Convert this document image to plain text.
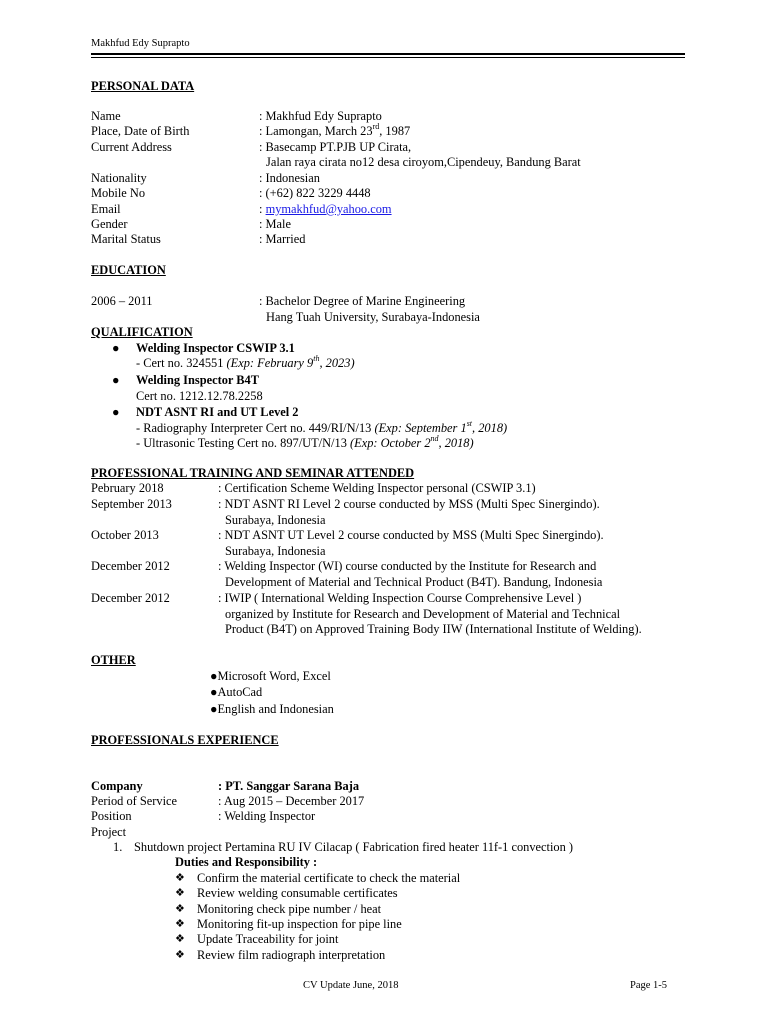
Makhfud Edy Suprapto
PERSONAL DATA
Name	: Makhfud Edy Suprapto
Place, Date of Birth	: Lamongan, March 23rd, 1987
Current Address	: Basecamp PT.PJB UP Cirata,
Jalan raya cirata no12 desa ciroyom,Cipendeuy, Bandung Barat
Nationality	: Indonesian
Mobile No	: (+62) 822 3229 4448
Email	: mymakhfud@yahoo.com
Gender	: Male
Marital Status	: Married
EDUCATION
2006 – 2011	: Bachelor Degree of Marine Engineering
Hang Tuah University, Surabaya-Indonesia
QUALIFICATION
● Welding Inspector CSWIP 3.1
- Cert no. 324551 (Exp: February 9th, 2023)
● Welding Inspector B4T
Cert no. 1212.12.78.2258
● NDT ASNT RI and UT Level 2
- Radiography Interpreter Cert no. 449/RI/N/13 (Exp: September 1st, 2018)
- Ultrasonic Testing Cert no. 897/UT/N/13 (Exp: October 2nd, 2018)
PROFESSIONAL TRAINING AND SEMINAR ATTENDED
Pebruary 2018	: Certification Scheme Welding Inspector personal (CSWIP 3.1)
September 2013	: NDT ASNT RI Level 2 course conducted by MSS (Multi Spec Sinergindo).
Surabaya, Indonesia
October 2013	: NDT ASNT UT Level 2 course conducted by MSS (Multi Spec Sinergindo).
Surabaya, Indonesia
December 2012	: Welding Inspector (WI) course conducted by the Institute for Research and
Development of Material and Technical Product (B4T). Bandung, Indonesia
December 2012	: IWIP ( International Welding Inspection Course Comprehensive Level )
organized by Institute for Research and Development of Material and Technical
Product (B4T) on Approved Training Body IIW (International Institute of Welding).
OTHER
●Microsoft Word, Excel
●AutoCad
●English and Indonesian
PROFESSIONALS EXPERIENCE
Company	: PT. Sanggar Sarana Baja
Period of Service	: Aug 2015 – December 2017
Position	: Welding Inspector
Project
1. Shutdown project Pertamina RU IV Cilacap ( Fabrication fired heater 11f-1 convection )
Duties and Responsibility :
❖ Confirm the material certificate to check the material
❖ Review welding consumable certificates
❖ Monitoring check pipe number / heat
❖ Monitoring fit-up inspection for pipe line
❖ Update Traceability for joint
❖ Review film radiograph interpretation
CV Update June, 2018	Page 1-5
